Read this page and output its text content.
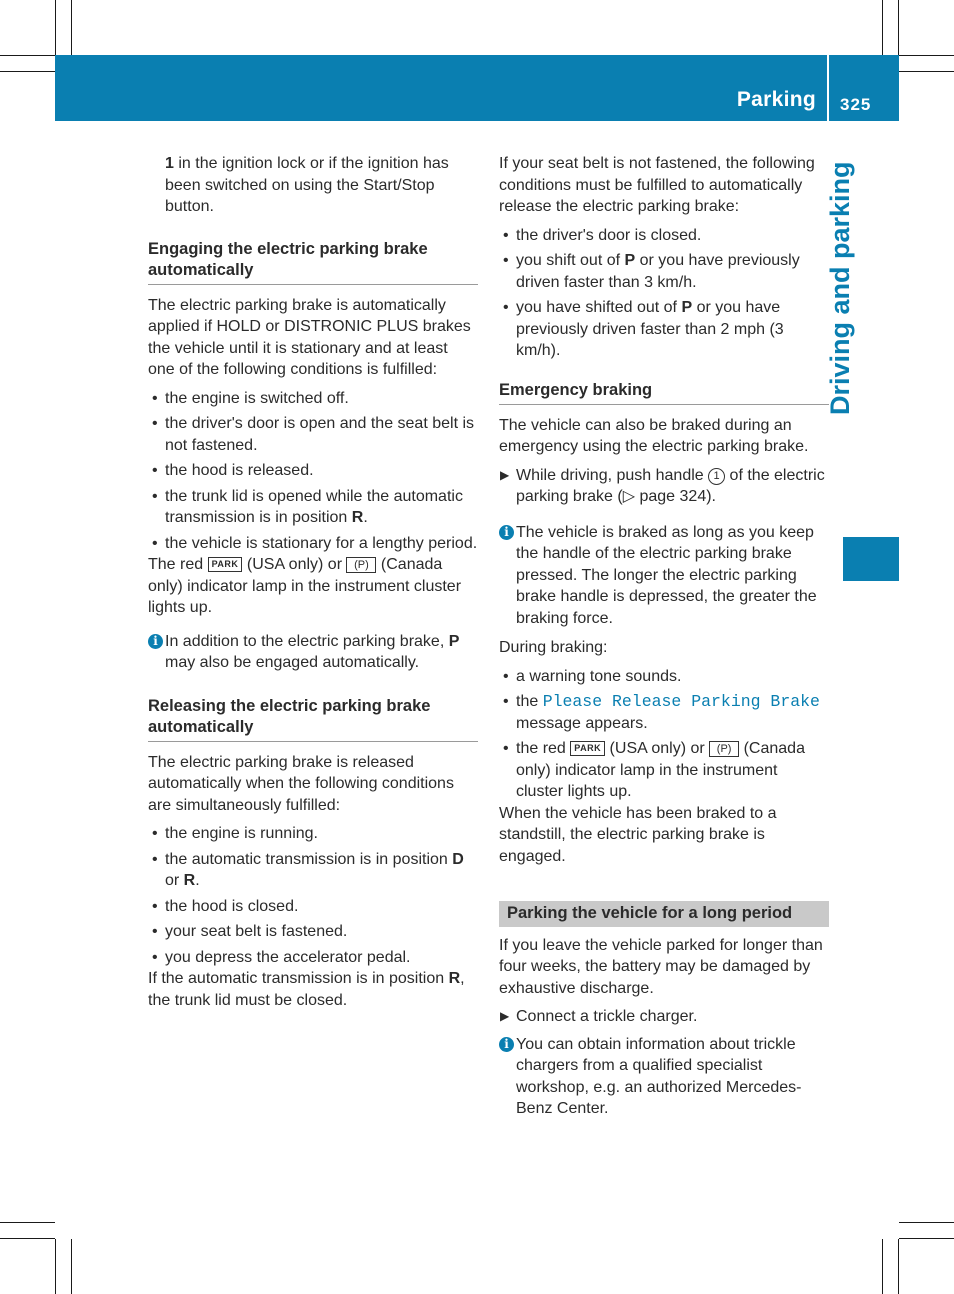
Parking 325
Driving and parking

1 in the ignition lock or if the ignition has been switched on using the Start/Stop button.

Engaging the electric parking brake automatically

The electric parking brake is automatically applied if HOLD or DISTRONIC PLUS brakes the vehicle until it is stationary and at least one of the following conditions is fulfilled:

• the engine is switched off.
• the driver's door is open and the seat belt is not fastened.
• the hood is released.
• the trunk lid is opened while the automatic transmission is in position R.
• the vehicle is stationary for a lengthy period.

The red PARK (USA only) or (P) (Canada only) indicator lamp in the instrument cluster lights up.

i In addition to the electric parking brake, P may also be engaged automatically.
Releasing the electric parking brake automatically

The electric parking brake is released automatically when the following conditions are simultaneously fulfilled:

• the engine is running.
• the automatic transmission is in position D or R.
• the hood is closed.
• your seat belt is fastened.
• you depress the accelerator pedal.

If the automatic transmission is in position R, the trunk lid must be closed.

If your seat belt is not fastened, the following conditions must be fulfilled to automatically release the electric parking brake:

• the driver's door is closed.
• you shift out of P or you have previously driven faster than 3 km/h.
• you have shifted out of P or you have previously driven faster than 2 mph (3 km/h).
Emergency braking

The vehicle can also be braked during an emergency using the electric parking brake.

▶ While driving, push handle 1 of the electric parking brake (▷ page 324).
i The vehicle is braked as long as you keep the handle of the electric parking brake pressed. The longer the electric parking brake handle is depressed, the greater the braking force.

During braking:

• a warning tone sounds.
• the Please Release Parking Brake message appears.
• the red PARK (USA only) or (P) (Canada only) indicator lamp in the instrument cluster lights up.

When the vehicle has been braked to a standstill, the electric parking brake is engaged.

Parking the vehicle for a long period

If you leave the vehicle parked for longer than four weeks, the battery may be damaged by exhaustive discharge.

▶ Connect a trickle charger.
i You can obtain information about trickle chargers from a qualified specialist workshop, e.g. an authorized Mercedes-Benz Center.
